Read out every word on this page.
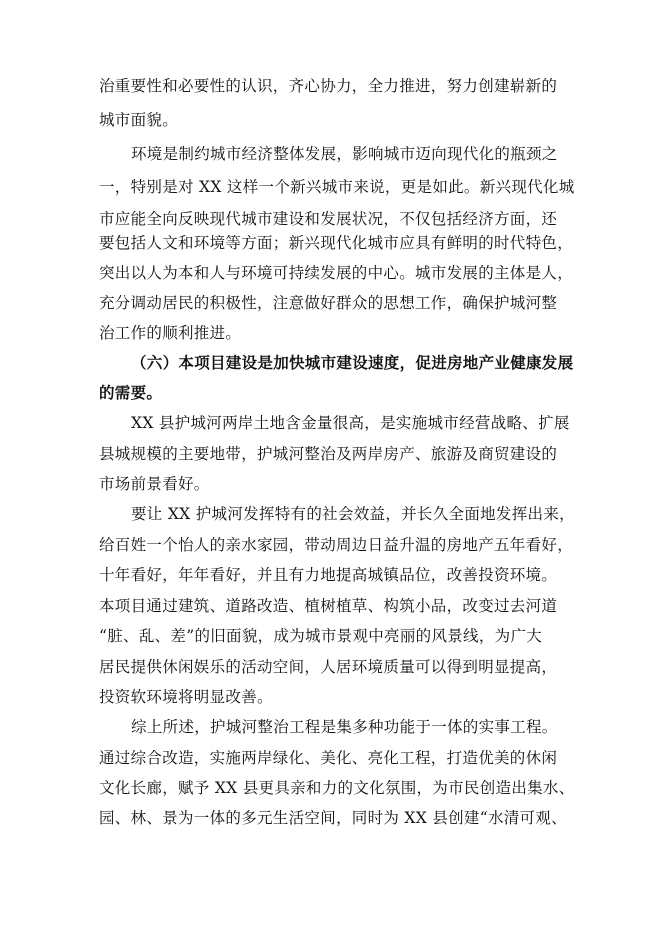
治重要性和必要性的认识，齐心协力，全力推进，努力创建崭新的
城市面貌。
环境是制约城市经济整体发展，影响城市迈向现代化的瓶颈之
一，特别是对 XX 这样一个新兴城市来说，更是如此。新兴现代化城
市应能全向反映现代城市建设和发展状况，不仅包括经济方面，还
要包括人文和环境等方面；新兴现代化城市应具有鲜明的时代特色，
突出以人为本和人与环境可持续发展的中心。城市发展的主体是人，
充分调动居民的积极性，注意做好群众的思想工作，确保护城河整
治工作的顺利推进。
（六）本项目建设是加快城市建设速度，促进房地产业健康发展
的需要。
XX 县护城河两岸土地含金量很高，是实施城市经营战略、扩展
县城规模的主要地带，护城河整治及两岸房产、旅游及商贸建设的
市场前景看好。
要让 XX 护城河发挥特有的社会效益，并长久全面地发挥出来，
给百姓一个怡人的亲水家园，带动周边日益升温的房地产五年看好，
十年看好，年年看好，并且有力地提高城镇品位，改善投资环境。
本项目通过建筑、道路改造、植树植草、构筑小品，改变过去河道
“脏、乱、差”的旧面貌，成为城市景观中亮丽的风景线，为广大
居民提供休闲娱乐的活动空间，人居环境质量可以得到明显提高，
投资软环境将明显改善。
综上所述，护城河整治工程是集多种功能于一体的实事工程。
通过综合改造，实施两岸绿化、美化、亮化工程，打造优美的休闲
文化长廊，赋予 XX 县更具亲和力的文化氛围，为市民创造出集水、
园、林、景为一体的多元生活空间，同时为 XX 县创建“水清可观、
